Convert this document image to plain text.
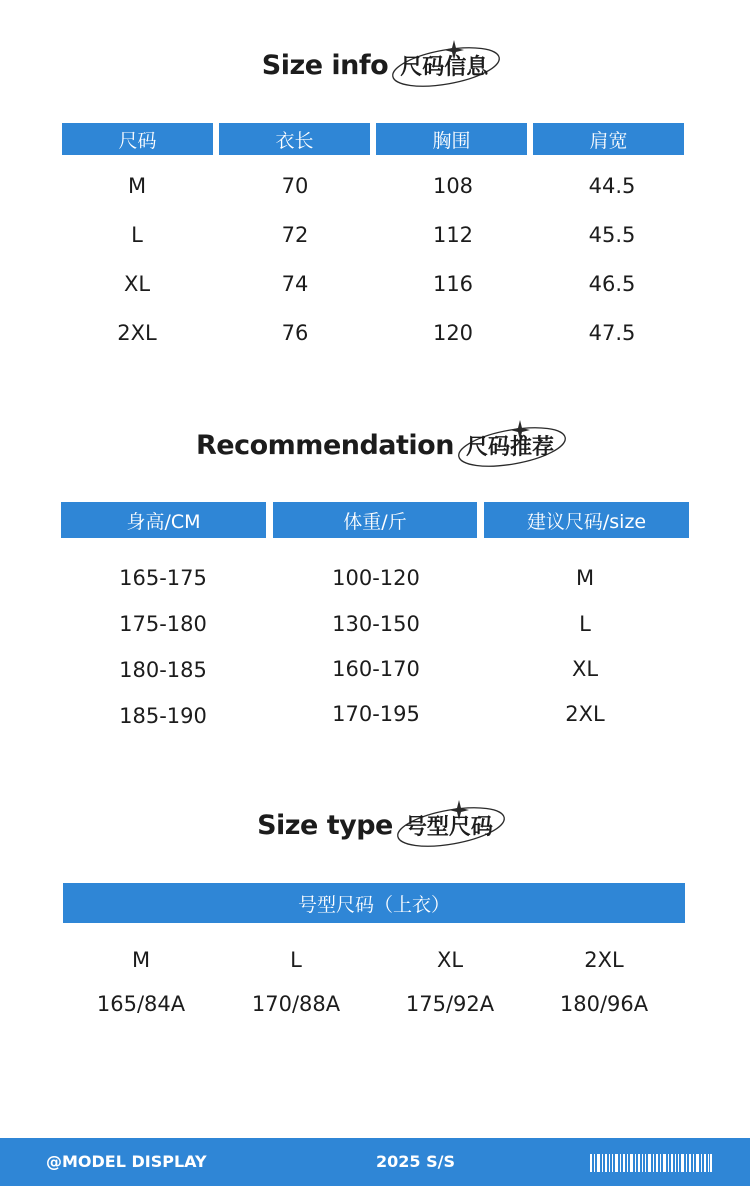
Size info 尺码信息
尺码	衣长	胸围	肩宽
M	70	108	44.5
L	72	112	45.5
XL	74	116	46.5
2XL	76	120	47.5
Recommendation 尺码推荐
身高/CM	体重/斤	建议尺码/size
165-175	100-120	M
175-180	130-150	L
180-185	160-170	XL
185-190	170-195	2XL
Size type 号型尺码
号型尺码（上衣）
M	L	XL	2XL
165/84A	170/88A	175/92A	180/96A
@MODEL DISPLAY	2025 S/S
